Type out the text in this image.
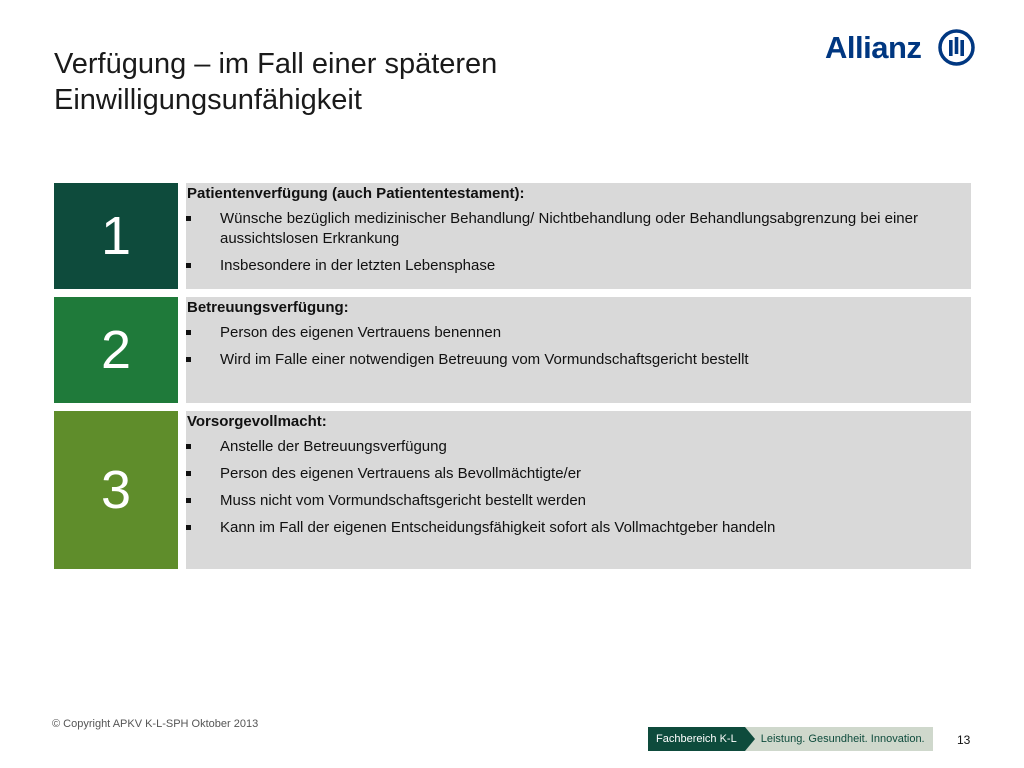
Verfügung – im Fall einer späteren
Einwilligungsunfähigkeit
Allianz
1
Patientenverfügung (auch Patiententestament):
Wünsche bezüglich medizinischer Behandlung/ Nichtbehandlung oder Behandlungsabgrenzung bei einer aussichtslosen Erkrankung
Insbesondere in der letzten Lebensphase
2
Betreuungsverfügung:
Person des eigenen Vertrauens benennen
Wird im Falle einer notwendigen Betreuung vom Vormundschaftsgericht bestellt
3
Vorsorgevollmacht:
Anstelle der Betreuungsverfügung
Person des eigenen Vertrauens als Bevollmächtigte/er
Muss nicht vom Vormundschaftsgericht bestellt werden
Kann im Fall der eigenen Entscheidungsfähigkeit sofort als Vollmachtgeber handeln
© Copyright APKV K-L-SPH Oktober 2013
Fachbereich K-L	Leistung. Gesundheit. Innovation.	13
